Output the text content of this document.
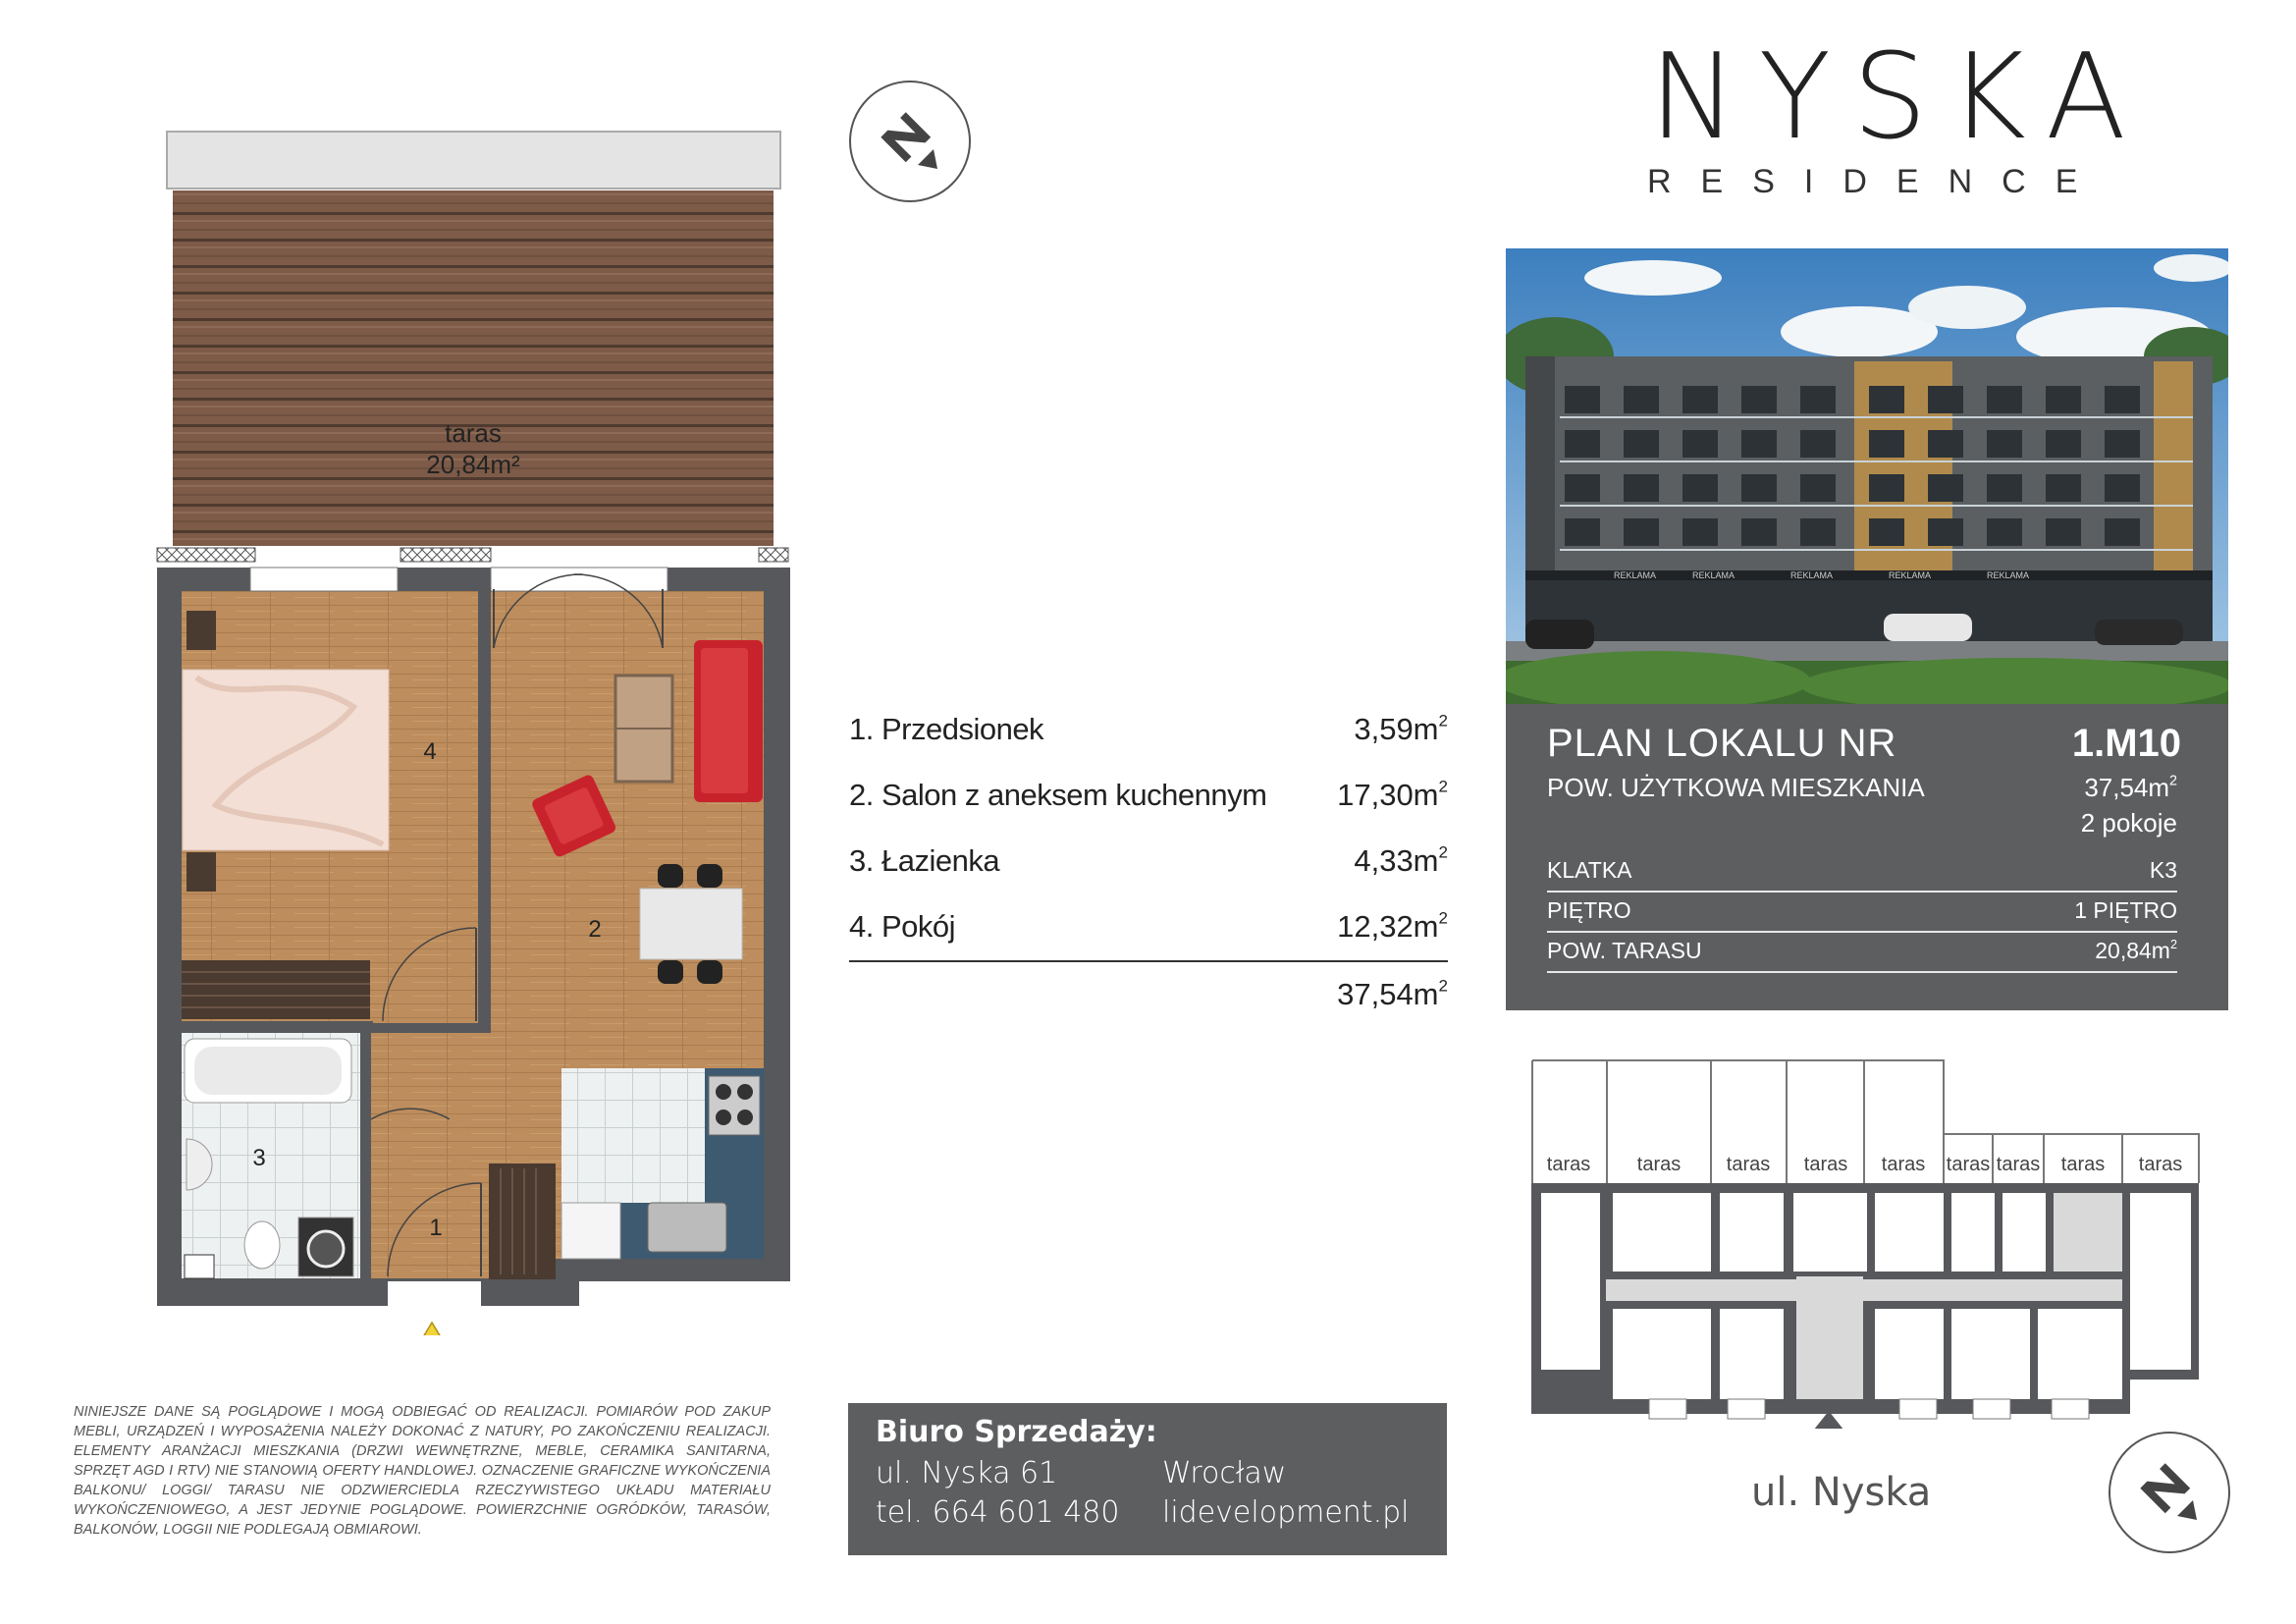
taras
20,84m²
4
2
3
1
NYSKA
RESIDENCE
1. Przedsionek	$3,59m^2$
2. Salon z aneksem kuchennym $17,30m^2$
3. Łazienka	$4,33m^2$
4. Pokój	$12,32m^2$
$37,54m^2$
REKLAMA	REKLAMA	REKLAMA	REKLAMA	REKLAMA
PLAN LOKALU NR	1.M10
POW. UŻYTKOWA MIESZKANIA	$37,54m^2$
2 pokoje
KLATKA	K3
PIĘTRO	1 PIĘTRO
POW. TARASU	$20,84m^2$
taras taras taras taras taras taras taras taras taras
ul. Nyska
NINIEJSZE DANE SĄ POGLĄDOWE I MOGĄ ODBIEGAĆ OD REALIZACJI. POMIARÓW POD ZAKUP MEBLI, URZĄDZEŃ I WYPOSAŻENIA NALEŻY DOKONAĆ Z NATURY, PO ZAKOŃCZENIU REALIZACJI. ELEMENTY ARANŻACJI MIESZKANIA (DRZWI WEWNĘTRZNE, MEBLE, CERAMIKA SANITARNA, SPRZĘT AGD I RTV) NIE STANOWIĄ OFERTY HANDLOWEJ. OZNACZENIE GRAFICZNE WYKOŃCZENIA BALKONU/ LOGGI/ TARASU NIE ODZWIERCIEDLA RZECZYWISTEGO UKŁADU MATERIAŁU WYKOŃCZENIOWEGO, A JEST JEDYNIE POGLĄDOWE. POWIERZCHNIE OGRÓDKÓW, TARASÓW, BALKONÓW, LOGGII NIE PODLEGAJĄ OBMIAROWI.
Biuro Sprzedaży:
ul. Nyska 61
tel. 664 601 480
Wrocław
lidevelopment.pl
